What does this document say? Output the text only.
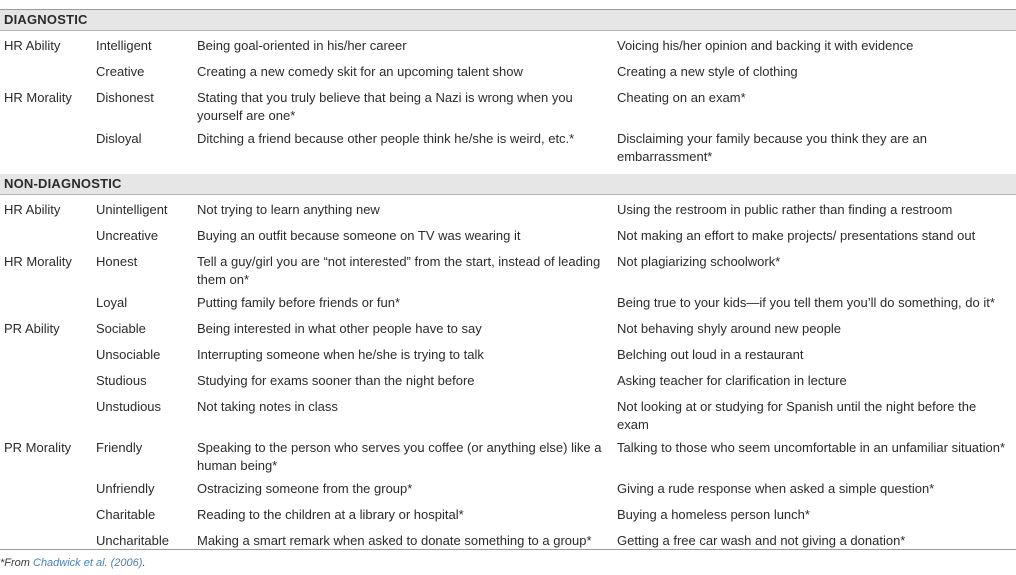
DIAGNOSTIC			
HR Ability	Intelligent	Being goal-oriented in his/her career	Voicing his/her opinion and backing it with evidence
	Creative	Creating a new comedy skit for an upcoming talent show	Creating a new style of clothing
HR Morality	Dishonest	Stating that you truly believe that being a Nazi is wrong when you yourself are one*	Cheating on an exam*
	Disloyal	Ditching a friend because other people think he/she is weird, etc.*	Disclaiming your family because you think they are an embarrassment*
NON-DIAGNOSTIC			
HR Ability	Unintelligent	Not trying to learn anything new	Using the restroom in public rather than finding a restroom
	Uncreative	Buying an outfit because someone on TV was wearing it	Not making an effort to make projects/ presentations stand out
HR Morality	Honest	Tell a guy/girl you are “not interested” from the start, instead of leading them on*	Not plagiarizing schoolwork*
	Loyal	Putting family before friends or fun*	Being true to your kids—if you tell them you’ll do something, do it*
PR Ability	Sociable	Being interested in what other people have to say	Not behaving shyly around new people
	Unsociable	Interrupting someone when he/she is trying to talk	Belching out loud in a restaurant
	Studious	Studying for exams sooner than the night before	Asking teacher for clarification in lecture
	Unstudious	Not taking notes in class	Not looking at or studying for Spanish until the night before the exam
PR Morality	Friendly	Speaking to the person who serves you coffee (or anything else) like a human being*	Talking to those who seem uncomfortable in an unfamiliar situation*
	Unfriendly	Ostracizing someone from the group*	Giving a rude response when asked a simple question*
	Charitable	Reading to the children at a library or hospital*	Buying a homeless person lunch*
	Uncharitable	Making a smart remark when asked to donate something to a group*	Getting a free car wash and not giving a donation*
*From Chadwick et al. (2006).
